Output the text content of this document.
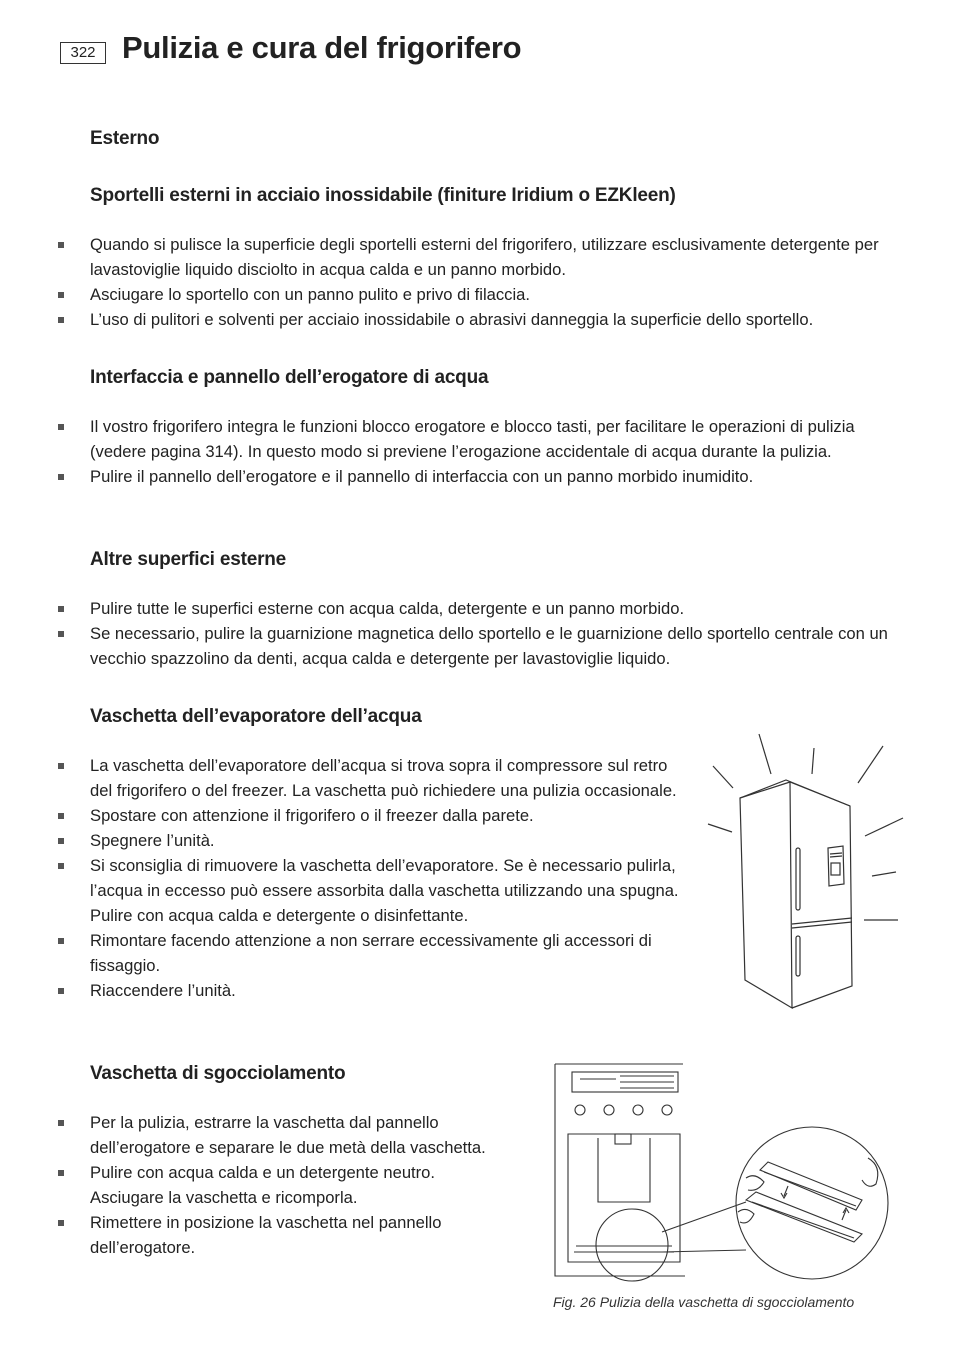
322 Pulizia e cura del frigorifero
Esterno
Sportelli esterni in acciaio inossidabile (finiture Iridium o EZKleen)
Quando si pulisce la superficie degli sportelli esterni del frigorifero, utilizzare esclusivamente detergente per lavastoviglie liquido disciolto in acqua calda e un panno morbido.
Asciugare lo sportello con un panno pulito e privo di filaccia.
L’uso di pulitori e solventi per acciaio inossidabile o abrasivi danneggia la superficie dello sportello.
Interfaccia e pannello dell’erogatore di acqua
Il vostro frigorifero integra le funzioni blocco erogatore e blocco tasti, per facilitare le operazioni di pulizia (vedere pagina 314). In questo modo si previene l’erogazione accidentale di acqua durante la pulizia.
Pulire il pannello dell’erogatore e il pannello di interfaccia con un panno morbido inumidito.
Altre superfici esterne
Pulire tutte le superfici esterne con acqua calda, detergente e un panno morbido.
Se necessario, pulire la guarnizione magnetica dello sportello e le guarnizione dello sportello centrale con un vecchio spazzolino da denti, acqua calda e detergente per lavastoviglie liquido.
Vaschetta dell’evaporatore dell’acqua
La vaschetta dell’evaporatore dell’acqua si trova sopra il compressore sul retro del frigorifero o del freezer. La vaschetta può richiedere una pulizia occasionale.
Spostare con attenzione il frigorifero o il freezer dalla parete.
Spegnere l’unità.
Si sconsiglia di rimuovere la vaschetta dell’evaporatore. Se è necessario pulirla, l’acqua in eccesso può essere assorbita dalla vaschetta utilizzando una spugna. Pulire con acqua calda e detergente o disinfettante.
Rimontare facendo attenzione a non serrare eccessivamente gli accessori di fissaggio.
Riaccendere l’unità.
Vaschetta di sgocciolamento
Per la pulizia, estrarre la vaschetta dal pannello dell’erogatore e separare le due metà della vaschetta.
Pulire con acqua calda e un detergente neutro. Asciugare la vaschetta e ricomporla.
Rimettere in posizione la vaschetta nel pannello dell’erogatore.
Fig. 26 Pulizia della vaschetta di sgocciolamento
